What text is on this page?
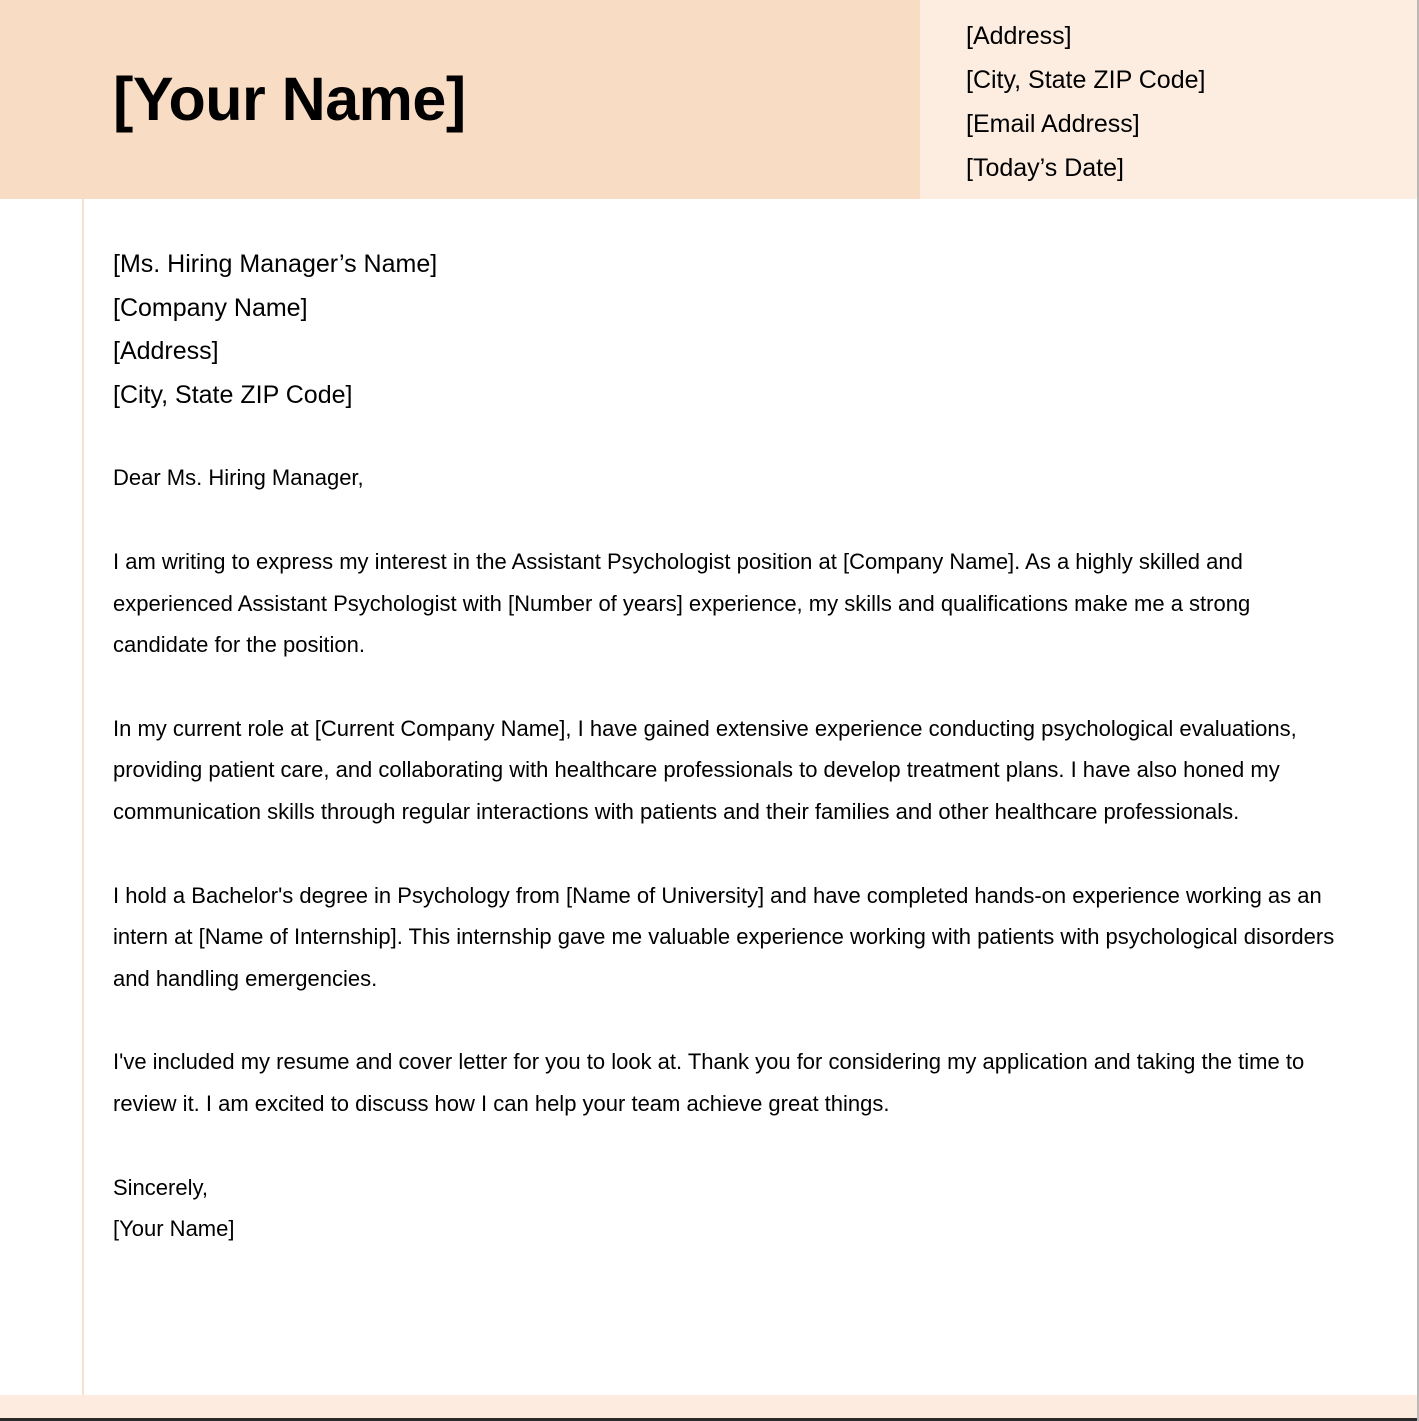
[Your Name]
[Address]
[City, State ZIP Code]
[Email Address]
[Today’s Date]
[Ms. Hiring Manager’s Name]
[Company Name]
[Address]
[City, State ZIP Code]
Dear Ms. Hiring Manager,
I am writing to express my interest in the Assistant Psychologist position at [Company Name]. As a highly skilled and experienced Assistant Psychologist with [Number of years] experience, my skills and qualifications make me a strong candidate for the position.
In my current role at [Current Company Name], I have gained extensive experience conducting psychological evaluations, providing patient care, and collaborating with healthcare professionals to develop treatment plans. I have also honed my communication skills through regular interactions with patients and their families and other healthcare professionals.
I hold a Bachelor's degree in Psychology from [Name of University] and have completed hands-on experience working as an intern at [Name of Internship]. This internship gave me valuable experience working with patients with psychological disorders and handling emergencies.
I've included my resume and cover letter for you to look at. Thank you for considering my application and taking the time to review it. I am excited to discuss how I can help your team achieve great things.
Sincerely,
[Your Name]
